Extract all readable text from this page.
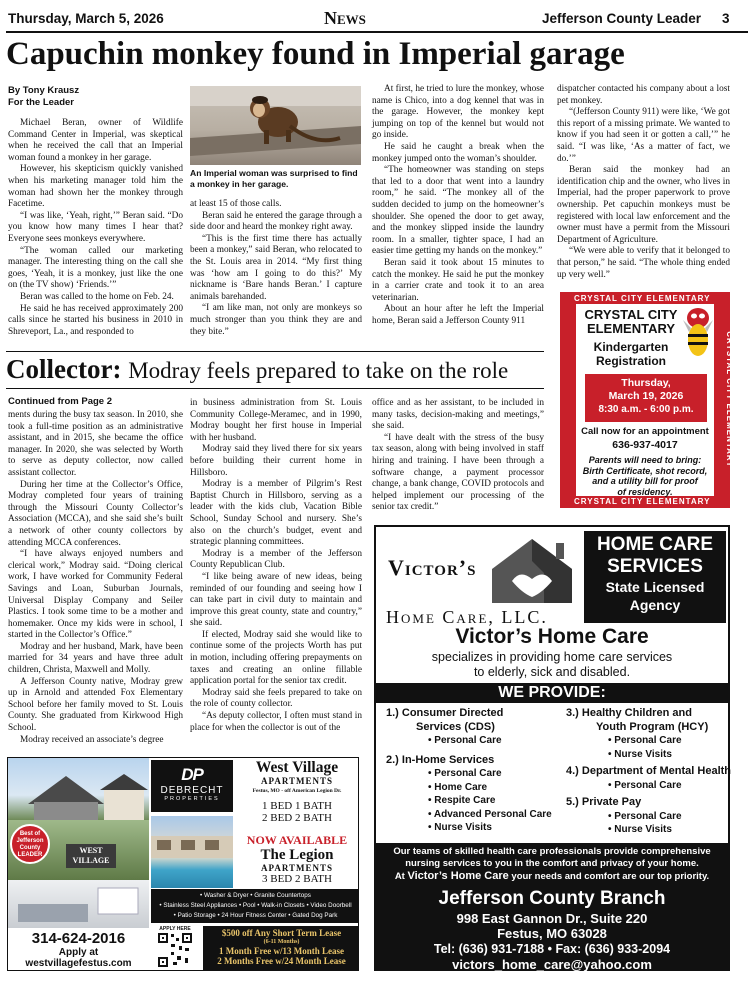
Thursday, March 5, 2026	News	Jefferson County Leader 3
Capuchin monkey found in Imperial garage
By Tony Krausz
For the Leader

Michael Beran, owner of Wildlife Command Center in Imperial, was skeptical when he received the call that an Imperial woman found a monkey in her garage.

However, his skepticism quickly vanished when his marketing manager told him the woman had shown her the monkey through Facetime.

“I was like, ‘Yeah, right,’” Beran said. “Do you know how many times I hear that? Everyone sees monkeys everywhere.

“The woman called our marketing manager. The interesting thing on the call she goes, ‘Yeah, it is a monkey, just like the one on (the TV show) ‘Friends.’”

Beran was called to the home on Feb. 24.

He said he has received approximately 200 calls since he started his business in 2010 in Shreveport, La., and responded to

An Imperial woman was surprised to find a monkey in her garage.

at least 15 of those calls.

Beran said he entered the garage through a side door and heard the monkey right away.

“This is the first time there has actually been a monkey,” said Beran, who relocated to the St. Louis area in 2014. “My first thing was ‘how am I going to do this?’ My nickname is ‘Bare hands Beran.’ I capture animals barehanded.

“I am like man, not only are monkeys so much stronger than you think they are and they bite.”

At first, he tried to lure the monkey, whose name is Chico, into a dog kennel that was in the garage. However, the monkey kept jumping on top of the kennel but would not go inside.

He said he caught a break when the monkey jumped onto the woman’s shoulder.

“The homeowner was standing on steps that led to a door that went into a laundry room,” he said. “The monkey all of the sudden decided to jump on the homeowner’s shoulder. She opened the door to get away, and the monkey slipped inside the laundry room. In a smaller, tighter space, I had an easier time getting my hands on the monkey.”

Beran said it took about 15 minutes to catch the monkey. He said he put the monkey in a carrier crate and took it to an area veterinarian.

About an hour after he left the Imperial home, Beran said a Jefferson County 911

dispatcher contacted his company about a lost pet monkey.

“(Jefferson County 911) were like, ‘We got this report of a missing primate. We wanted to know if you had seen it or gotten a call,’” he said. “I was like, ‘As a matter of fact, we do.’”

Beran said the monkey had an identification chip and the owner, who lives in Imperial, had the proper paperwork to prove ownership. Pet capuchin monkeys must be registered with local law enforcement and the owner must have a permit from the Missouri Department of Agriculture.

“We were able to verify that it belonged to that person,” he said. “The whole thing ended up very well.”

CRYSTAL CITY ELEMENTARY
CRYSTAL CITY ELEMENTARY
CRYSTAL CITY ELEMENTARY
CRYSTAL CITY
ELEMENTARY
Kindergarten
Registration
Thursday,
March 19, 2026
8:30 a.m. - 6:00 p.m.
Call now for an appointment
636-937-4017
Parents will need to bring:
Birth Certificate, shot record,
and a utility bill for proof
of residency.
Collector: Modray feels prepared to take on the role
Continued from Page 2

ments during the busy tax season. In 2010, she took a full-time position as an administrative assistant, and in 2015, she became the office manager. In 2020, she was selected by Worth to serve as deputy collector, now called assistant collector.

During her time at the Collector’s Office, Modray completed four years of training through the Missouri County Collector’s Association (MCCA), and she said she’s built a network of other county collectors by attending MCCA conferences.

“I have always enjoyed numbers and clerical work,” Modray said. “Doing clerical work, I have worked for Community Federal Savings and Loan, Suburban Journals, Universal Display Company and Seiler Plastics. I took some time to be a mother and homemaker. Once my kids were in school, I started in the Collector’s Office.”

Modray and her husband, Mark, have been married for 34 years and have three adult children, Christa, Maxwell and Molly.

A Jefferson County native, Modray grew up in Arnold and attended Fox Elementary School before her family moved to St. Louis County. She graduated from Kirkwood High School.

Modray received an associate’s degree

in business administration from St. Louis Community College-Meramec, and in 1990, Modray bought her first house in Imperial with her husband.

Modray said they lived there for six years before building their current home in Hillsboro.

Modray is a member of Pilgrim’s Rest Baptist Church in Hillsboro, serving as a leader with the kids club, Vacation Bible School, Sunday School and nursery. She’s also on the church’s budget, event and strategic planning committees.

Modray is a member of the Jefferson County Republican Club.

“I like being aware of new ideas, being reminded of our founding and seeing how I can take part in civil duty to maintain and improve this great county, state and country,” she said.

If elected, Modray said she would like to continue some of the projects Worth has put in motion, including offering prepayments on taxes and creating an online fillable application portal for the senior tax credit.

Modray said she feels prepared to take on the role of county collector.

“As deputy collector, I often must stand in place for when the collector is out of the

office and as her assistant, to be included in many tasks, decision-making and meetings,” she said.

“I have dealt with the stress of the busy tax season, along with being involved in staff hiring and training. I have been through a software change, a payment processor change, a bank change, COVID protocols and helped implement our processing of the senior tax credit.”

Victor’s
Home Care, LLC.
HOME CARE
SERVICES
State Licensed
Agency
Victor’s Home Care
specializes in providing home care services
to elderly, sick and disabled.
WE PROVIDE:
1.) Consumer Directed
Services (CDS)
• Personal Care
2.) In-Home Services
• Personal Care
• Home Care
• Respite Care
• Advanced Personal Care
• Nurse Visits
3.) Healthy Children and
Youth Program (HCY)
• Personal Care
• Nurse Visits
4.) Department of Mental Health
• Personal Care
5.) Private Pay
• Personal Care
• Nurse Visits
Our teams of skilled health care professionals provide comprehensive
nursing services to you in the comfort and privacy of your home.
At Victor’s Home Care your needs and comfort are our top priority.
Jefferson County Branch
998 East Gannon Dr., Suite 220
Festus, MO 63028
Tel: (636) 931-7188 • Fax: (636) 933-2094
victors_home_care@yahoo.com
WEST VILLAGE
Best of
Jefferson
County
LEADER
314-624-2016
Apply at
westvillagefestus.com
DP
DEBRECHT
PROPERTIES
West Village
APARTMENTS
Festus, MO - off American Legion Dr.
1 BED 1 BATH
2 BED 2 BATH
NOW AVAILABLE
The Legion
APARTMENTS
3 BED 2 BATH
• Washer & Dryer • Granite Countertops
• Stainless Steel Appliances • Pool • Walk-in Closets • Video Doorbell
• Patio Storage • 24 Hour Fitness Center • Gated Dog Park
APPLY HERE	$500 off Any Short Term Lease
(6-11 Months)
1 Month Free w/13 Month Lease
2 Months Free w/24 Month Lease
